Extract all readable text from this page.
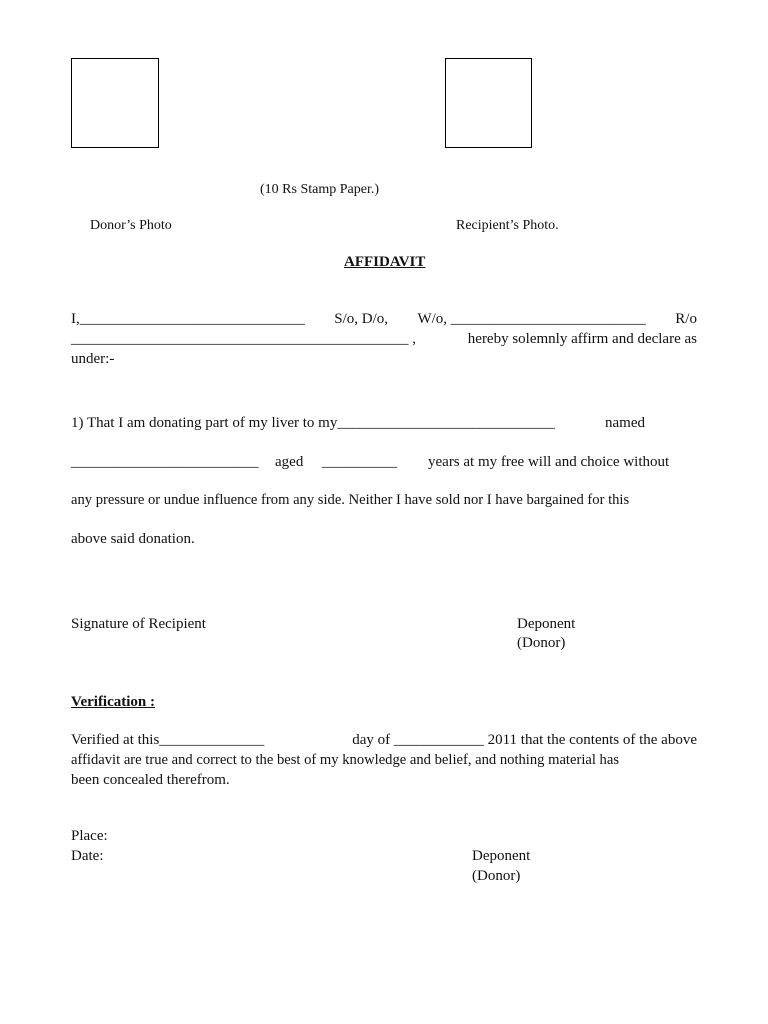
(10 Rs Stamp Paper.)
Donor’s Photo	Recipient’s Photo.
AFFIDAVIT
I,______________________________ S/o, D/o, W/o, __________________________ R/o
_____________________________________________ ,	hereby solemnly affirm and declare as
under:-
1) That I am donating part of my liver to my_____________________________	named
_________________________ aged __________ years at my free will and choice without
any pressure or undue influence from any side. Neither I have sold nor I have bargained for this
above said donation.
Signature of Recipient	Deponent
(Donor)
Verification :
Verified at this______________	day of ____________ 2011 that the contents of the above
affidavit are true and correct to the best of my knowledge and belief, and nothing material has
been concealed therefrom.
Place:
Date:	Deponent
(Donor)
